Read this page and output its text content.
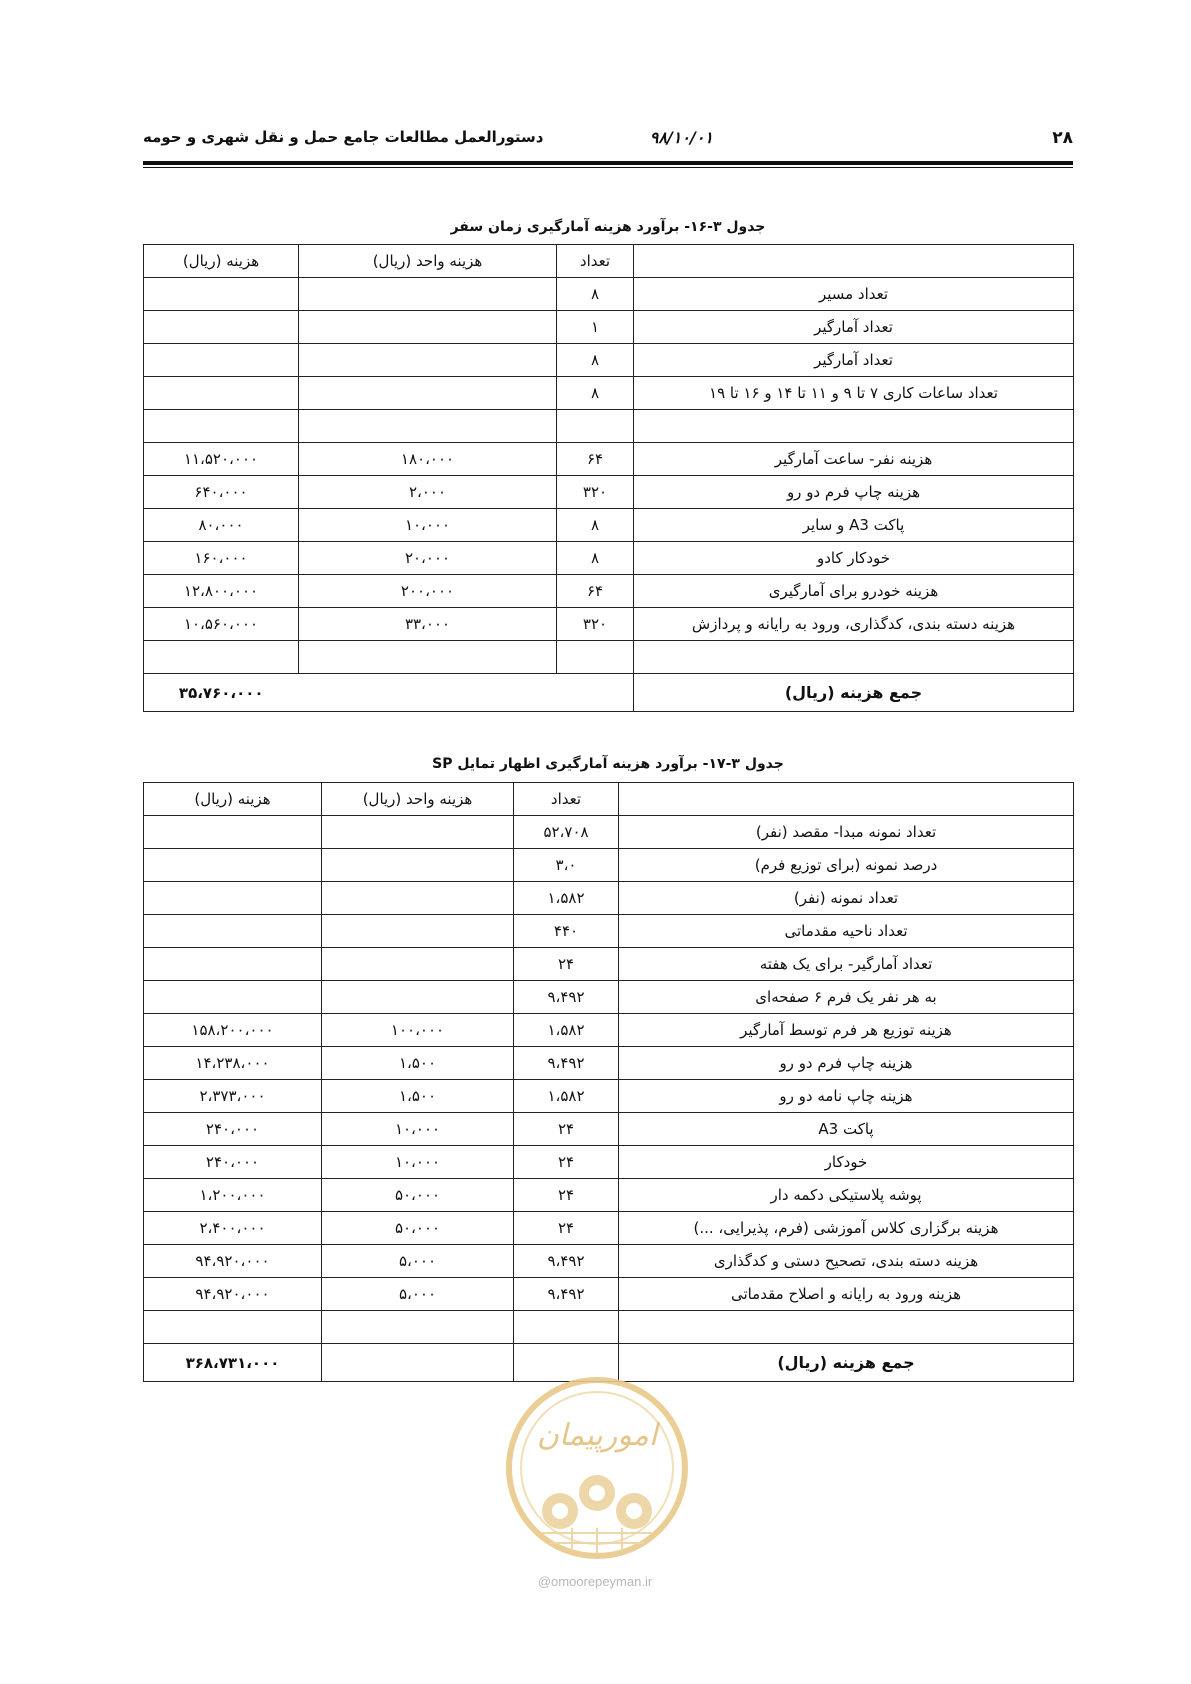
۲۸
۹۸/۱۰/۰۱
دستورالعمل مطالعات جامع حمل و نقل شهری و حومه
جدول ۳-۱۶- برآورد هزینه آمارگیری زمان سفر
	تعداد	هزینه واحد (ریال)	هزینه (ریال)
تعداد مسیر	۸		
تعداد آمارگیر	۱		
تعداد آمارگیر	۸		
تعداد ساعات کاری ۷ تا ۹ و ۱۱ تا ۱۴ و ۱۶ تا ۱۹	۸		

هزینه نفر- ساعت آمارگیر	۶۴	۱۸۰،۰۰۰	۱۱،۵۲۰،۰۰۰
هزینه چاپ فرم دو رو	۳۲۰	۲،۰۰۰	۶۴۰،۰۰۰
پاکت A3 و سایر	۸	۱۰،۰۰۰	۸۰،۰۰۰
خودکار کادو	۸	۲۰،۰۰۰	۱۶۰،۰۰۰
هزینه خودرو برای آمارگیری	۶۴	۲۰۰،۰۰۰	۱۲،۸۰۰،۰۰۰
هزینه دسته بندی، کدگذاری، ورود به رایانه و پردازش	۳۲۰	۳۳،۰۰۰	۱۰،۵۶۰،۰۰۰

جمع هزینه (ریال)			۳۵،۷۶۰،۰۰۰
جدول ۳-۱۷- برآورد هزینه آمارگیری اظهار تمایل SP
	تعداد	هزینه واحد (ریال)	هزینه (ریال)
تعداد نمونه مبدا- مقصد (نفر)	۵۲،۷۰۸		
درصد نمونه (برای توزیع فرم)	۳،۰		
تعداد نمونه (نفر)	۱،۵۸۲		
تعداد ناحیه مقدماتی	۴۴۰		
تعداد آمارگیر- برای یک هفته	۲۴		
به هر نفر یک فرم ۶ صفحه‌ای	۹،۴۹۲		
هزینه توزیع هر فرم توسط آمارگیر	۱،۵۸۲	۱۰۰،۰۰۰	۱۵۸،۲۰۰،۰۰۰
هزینه چاپ فرم دو رو	۹،۴۹۲	۱،۵۰۰	۱۴،۲۳۸،۰۰۰
هزینه چاپ نامه دو رو	۱،۵۸۲	۱،۵۰۰	۲،۳۷۳،۰۰۰
پاکت A3	۲۴	۱۰،۰۰۰	۲۴۰،۰۰۰
خودکار	۲۴	۱۰،۰۰۰	۲۴۰،۰۰۰
پوشه پلاستیکی دکمه دار	۲۴	۵۰،۰۰۰	۱،۲۰۰،۰۰۰
هزینه برگزاری کلاس آموزشی (فرم، پذیرایی، ...)	۲۴	۵۰،۰۰۰	۲،۴۰۰،۰۰۰
هزینه دسته بندی، تصحیح دستی و کدگذاری	۹،۴۹۲	۵،۰۰۰	۹۴،۹۲۰،۰۰۰
هزینه ورود به رایانه و اصلاح مقدماتی	۹،۴۹۲	۵،۰۰۰	۹۴،۹۲۰،۰۰۰

جمع هزینه (ریال)			۳۶۸،۷۳۱،۰۰۰
امورپیمان
@omoorepeyman.ir
